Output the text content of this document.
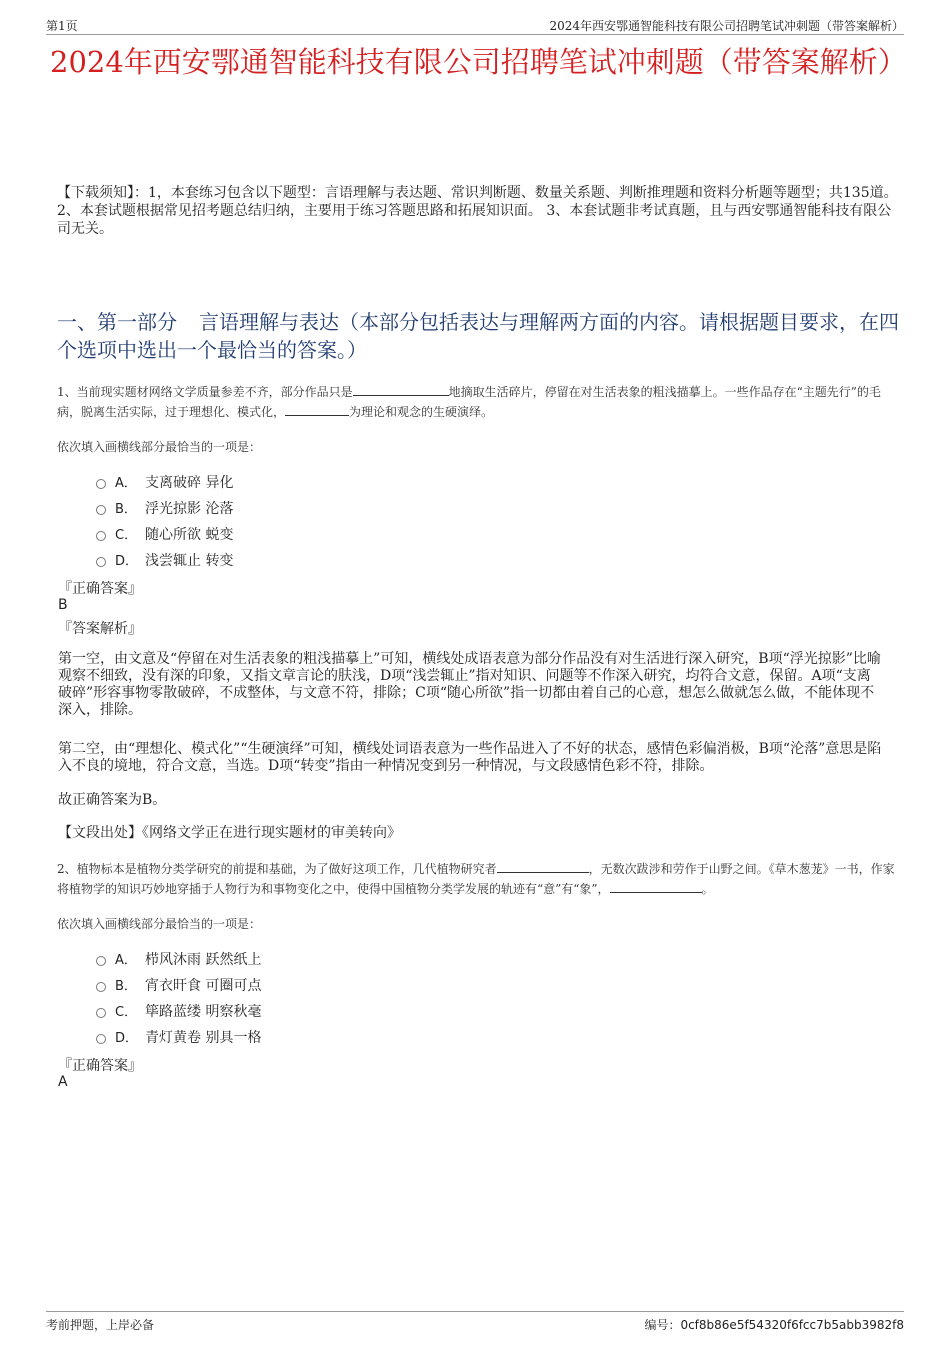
第1页	2024年西安鄂通智能科技有限公司招聘笔试冲刺题（带答案解析）
2024年西安鄂通智能科技有限公司招聘笔试冲刺题（带答案解析）
【下载须知】：1，本套练习包含以下题型：言语理解与表达题、常识判断题、数量关系题、判断推理题和资料分析题等题型；共135道。 2、本套试题根据常见招考题总结归纳，主要用于练习答题思路和拓展知识面。 3、本套试题非考试真题，且与西安鄂通智能科技有限公司无关。
一、第一部分 言语理解与表达（本部分包括表达与理解两方面的内容。请根据题目要求，在四个选项中选出一个最恰当的答案。）
1、当前现实题材网络文学质量参差不齐，部分作品只是	地摘取生活碎片，停留在对生活表象的粗浅描摹上。一些作品存在“主题先行”的毛病，脱离生活实际，过于理想化、模式化，	为理论和观念的生硬演绎。
依次填入画横线部分最恰当的一项是：
A． 支离破碎 异化
B． 浮光掠影 沦落
C． 随心所欲 蜕变
D． 浅尝辄止 转变
『正确答案』
B
『答案解析』
第一空，由文意及“停留在对生活表象的粗浅描摹上”可知，横线处成语表意为部分作品没有对生活进行深入研究，B项“浮光掠影”比喻观察不细致，没有深的印象，又指文章言论的肤浅，D项“浅尝辄止”指对知识、问题等不作深入研究，均符合文意，保留。A项“支离破碎”形容事物零散破碎，不成整体，与文意不符，排除；C项“随心所欲”指一切都由着自己的心意，想怎么做就怎么做，不能体现不深入，排除。
第二空，由“理想化、模式化”“生硬演绎”可知，横线处词语表意为一些作品进入了不好的状态，感情色彩偏消极，B项“沦落”意思是陷入不良的境地，符合文意，当选。D项“转变”指由一种情况变到另一种情况，与文段感情色彩不符，排除。
故正确答案为B。
【文段出处】《网络文学正在进行现实题材的审美转向》
2、植物标本是植物分类学研究的前提和基础，为了做好这项工作，几代植物研究者	，无数次跋涉和劳作于山野之间。《草木葱茏》一书，作家将植物学的知识巧妙地穿插于人物行为和事物变化之中，使得中国植物分类学发展的轨迹有“意”有“象”，	。
依次填入画横线部分最恰当的一项是：
A． 栉风沐雨 跃然纸上
B． 宵衣旰食 可圈可点
C． 筚路蓝缕 明察秋毫
D． 青灯黄卷 别具一格
『正确答案』
A
考前押题，上岸必备	编号：0cf8b86e5f54320f6fcc7b5abb3982f8
